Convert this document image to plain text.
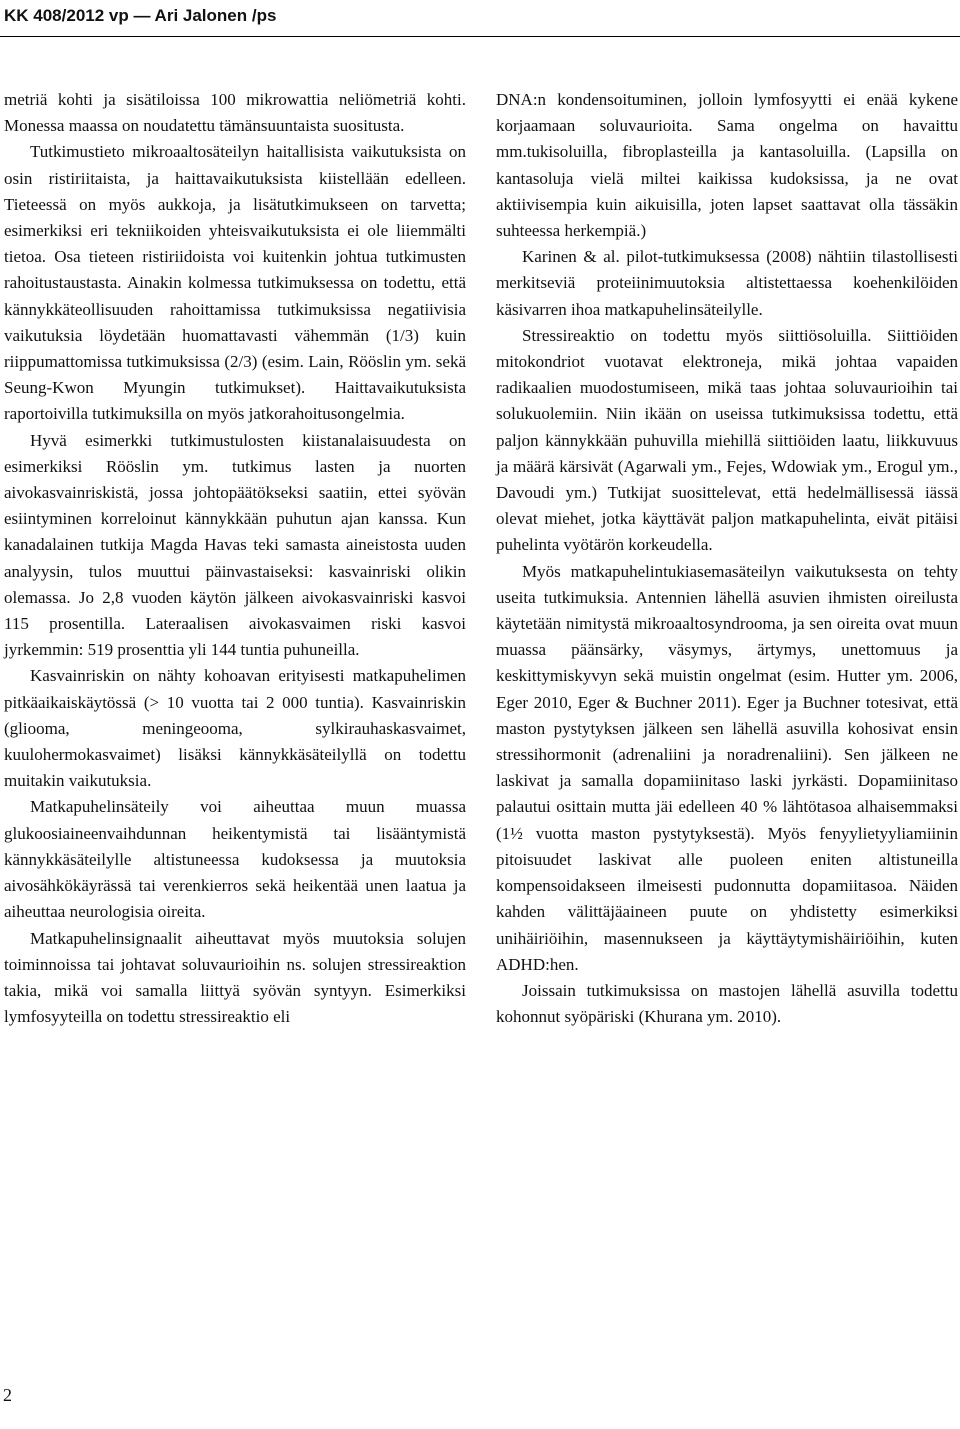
KK 408/2012 vp — Ari Jalonen /ps

metriä kohti ja sisätiloissa 100 mikrowattia neliömetriä kohti. Monessa maassa on noudatettu tämänsuuntaista suositusta.

Tutkimustieto mikroaaltosäteilyn haitallisista vaikutuksista on osin ristiriitaista, ja haittavaikutuksista kiistellään edelleen. Tieteessä on myös aukkoja, ja lisätutkimukseen on tarvetta; esimerkiksi eri tekniikoiden yhteisvaikutuksista ei ole liiemmälti tietoa. Osa tieteen ristiriidoista voi kuitenkin johtua tutkimusten rahoitustaustasta. Ainakin kolmessa tutkimuksessa on todettu, että kännykkäteollisuuden rahoittamissa tutkimuksissa negatiivisia vaikutuksia löydetään huomattavasti vähemmän (1/3) kuin riippumattomissa tutkimuksissa (2/3) (esim. Lain, Rööslin ym. sekä Seung-Kwon Myungin tutkimukset). Haittavaikutuksista raportoivilla tutkimuksilla on myös jatkorahoitusongelmia.

Hyvä esimerkki tutkimustulosten kiistanalaisuudesta on esimerkiksi Rööslin ym. tutkimus lasten ja nuorten aivokasvainriskistä, jossa johtopäätökseksi saatiin, ettei syövän esiintyminen korreloinut kännykkään puhutun ajan kanssa. Kun kanadalainen tutkija Magda Havas teki samasta aineistosta uuden analyysin, tulos muuttui päinvastaiseksi: kasvainriski olikin olemassa. Jo 2,8 vuoden käytön jälkeen aivokasvainriski kasvoi 115 prosentilla. Lateraalisen aivokasvaimen riski kasvoi jyrkemmin: 519 prosenttia yli 144 tuntia puhuneilla.

Kasvainriskin on nähty kohoavan erityisesti matkapuhelimen pitkäaikaiskäytössä (> 10 vuotta tai 2 000 tuntia). Kasvainriskin (glioomа, meningeooma, sylkirauhaskasvaimet, kuulohermokasvaimet) lisäksi kännykkäsäteilyllä on todettu muitakin vaikutuksia.

Matkapuhelinsäteily voi aiheuttaa muun muassa glukoosiaineenvaihdunnan heikentymistä tai lisääntymistä kännykkäsäteilylle altistuneessa kudoksessa ja muutoksia aivosähkökäyrässä tai verenkierros sekä heikentää unen laatua ja aiheuttaa neurologisia oireita.

Matkapuhelinsignaalit aiheuttavat myös muutoksia solujen toiminnoissa tai johtavat soluvaurioihin ns. solujen stressireaktion takia, mikä voi samalla liittyä syövän syntyyn. Esimerkiksi lymfosyyteilla on todettu stressireaktio eli

DNA:n kondensoituminen, jolloin lymfosyytti ei enää kykene korjaamaan soluvaurioita. Sama ongelma on havaittu mm.tukisoluilla, fibroplasteilla ja kantasoluilla. (Lapsilla on kantasoluja vielä miltei kaikissa kudoksissa, ja ne ovat aktiivisempia kuin aikuisilla, joten lapset saattavat olla tässäkin suhteessa herkempiä.)

Karinen & al. pilot-tutkimuksessa (2008) nähtiin tilastollisesti merkitseviä proteiinimuutoksia altistettaessa koehenkilöiden käsivarren ihoa matkapuhelinsäteilylle.

Stressireaktio on todettu myös siittiösoluilla. Siittiöiden mitokondriot vuotavat elektroneja, mikä johtaa vapaiden radikaalien muodostumiseen, mikä taas johtaa soluvaurioihin tai solukuolemiin. Niin ikään on useissa tutkimuksissa todettu, että paljon kännykkään puhuvilla miehillä siittiöiden laatu, liikkuvuus ja määrä kärsivät (Agarwali ym., Fejes, Wdowiak ym., Erogul ym., Davoudi ym.) Tutkijat suosittelevat, että hedelmällisessä iässä olevat miehet, jotka käyttävät paljon matkapuhelinta, eivät pitäisi puhelinta vyötärön korkeudella.

Myös matkapuhelintukiasemasäteilyn vaikutuksesta on tehty useita tutkimuksia. Antennien lähellä asuvien ihmisten oireilusta käytetään nimitystä mikroaaltosyndrooma, ja sen oireita ovat muun muassa päänsärky, väsymys, ärtymys, unettomuus ja keskittymiskyvyn sekä muistin ongelmat (esim. Hutter ym. 2006, Eger 2010, Eger & Buchner 2011). Eger ja Buchner totesivat, että maston pystytyksen jälkeen sen lähellä asuvilla kohosivat ensin stressihormonit (adrenaliini ja noradrenaliini). Sen jälkeen ne laskivat ja samalla dopamiinitaso laski jyrkästi. Dopamiinitaso palautui osittain mutta jäi edelleen 40 % lähtötasoa alhaisemmaksi (1½ vuotta maston pystytyksestä). Myös fenyylietyyliamiinin pitoisuudet laskivat alle puoleen eniten altistuneilla kompensoidakseen ilmeisesti pudonnutta dopamiitasoa. Näiden kahden välittäjäaineen puute on yhdistetty esimerkiksi unihäiriöihin, masennukseen ja käyttäytymishäiriöihin, kuten ADHD:hen.

Joissain tutkimuksissa on mastojen lähellä asuvilla todettu kohonnut syöpäriski (Khurana ym. 2010).

2
